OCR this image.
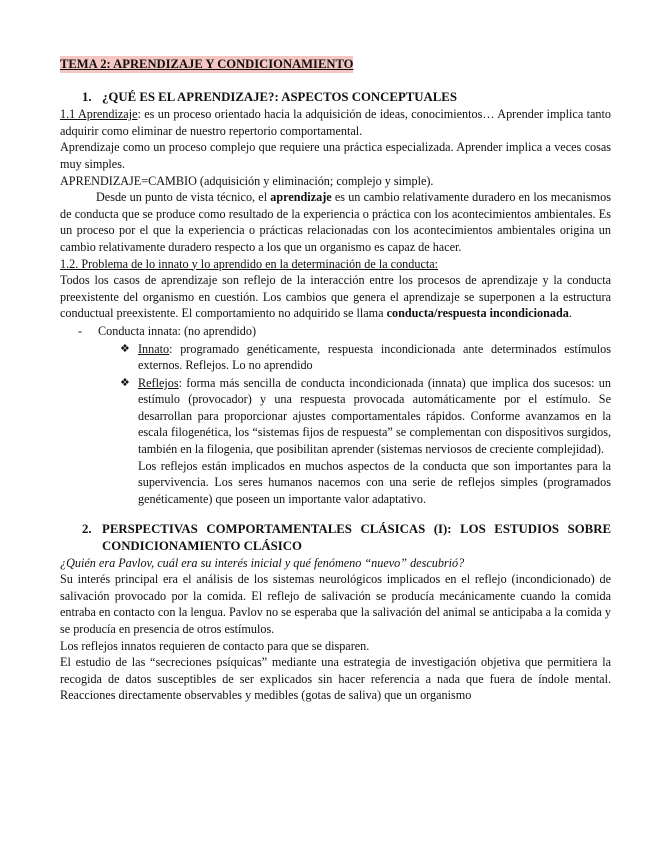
TEMA 2: APRENDIZAJE Y CONDICIONAMIENTO
1. ¿QUÉ ES EL APRENDIZAJE?: ASPECTOS CONCEPTUALES

1.1 Aprendizaje: es un proceso orientado hacia la adquisición de ideas, conocimientos… Aprender implica tanto adquirir como eliminar de nuestro repertorio comportamental.

Aprendizaje como un proceso complejo que requiere una práctica especializada. Aprender implica a veces cosas muy simples.

APRENDIZAJE=CAMBIO (adquisición y eliminación; complejo y simple).

Desde un punto de vista técnico, el aprendizaje es un cambio relativamente duradero en los mecanismos de conducta que se produce como resultado de la experiencia o práctica con los acontecimientos ambientales. Es un proceso por el que la experiencia o prácticas relacionadas con los acontecimientos ambientales origina un cambio relativamente duradero respecto a los que un organismo es capaz de hacer.

1.2. Problema de lo innato y lo aprendido en la determinación de la conducta:

Todos los casos de aprendizaje son reflejo de la interacción entre los procesos de aprendizaje y la conducta preexistente del organismo en cuestión. Los cambios que genera el aprendizaje se superponen a la estructura conductual preexistente. El comportamiento no adquirido se llama conducta/respuesta incondicionada.

-	Conducta innata: (no aprendido)
❖ Innato: programado genéticamente, respuesta incondicionada ante determinados estímulos externos. Reflejos. Lo no aprendido

❖ Reflejos: forma más sencilla de conducta incondicionada (innata) que implica dos sucesos: un estímulo (provocador) y una respuesta provocada automáticamente por el estímulo. Se desarrollan para proporcionar ajustes comportamentales rápidos. Conforme avanzamos en la escala filogenética, los “sistemas fijos de respuesta” se complementan con dispositivos surgidos, también en la filogenia, que posibilitan aprender (sistemas nerviosos de creciente complejidad).

Los reflejos están implicados en muchos aspectos de la conducta que son importantes para la supervivencia. Los seres humanos nacemos con una serie de reflejos simples (programados genéticamente) que poseen un importante valor adaptativo.

2. PERSPECTIVAS COMPORTAMENTALES CLÁSICAS (I): LOS ESTUDIOS SOBRE CONDICIONAMIENTO CLÁSICO

¿Quién era Pavlov, cuál era su interés inicial y qué fenómeno “nuevo” descubrió?

Su interés principal era el análisis de los sistemas neurológicos implicados en el reflejo (incondicionado) de salivación provocado por la comida. El reflejo de salivación se producía mecánicamente cuando la comida entraba en contacto con la lengua. Pavlov no se esperaba que la salivación del animal se anticipaba a la comida y se producía en presencia de otros estímulos.

Los reflejos innatos requieren de contacto para que se disparen.

El estudio de las “secreciones psíquicas” mediante una estrategia de investigación objetiva que permitiera la recogida de datos susceptibles de ser explicados sin hacer referencia a nada que fuera de índole mental. Reacciones directamente observables y medibles (gotas de saliva) que un organismo
